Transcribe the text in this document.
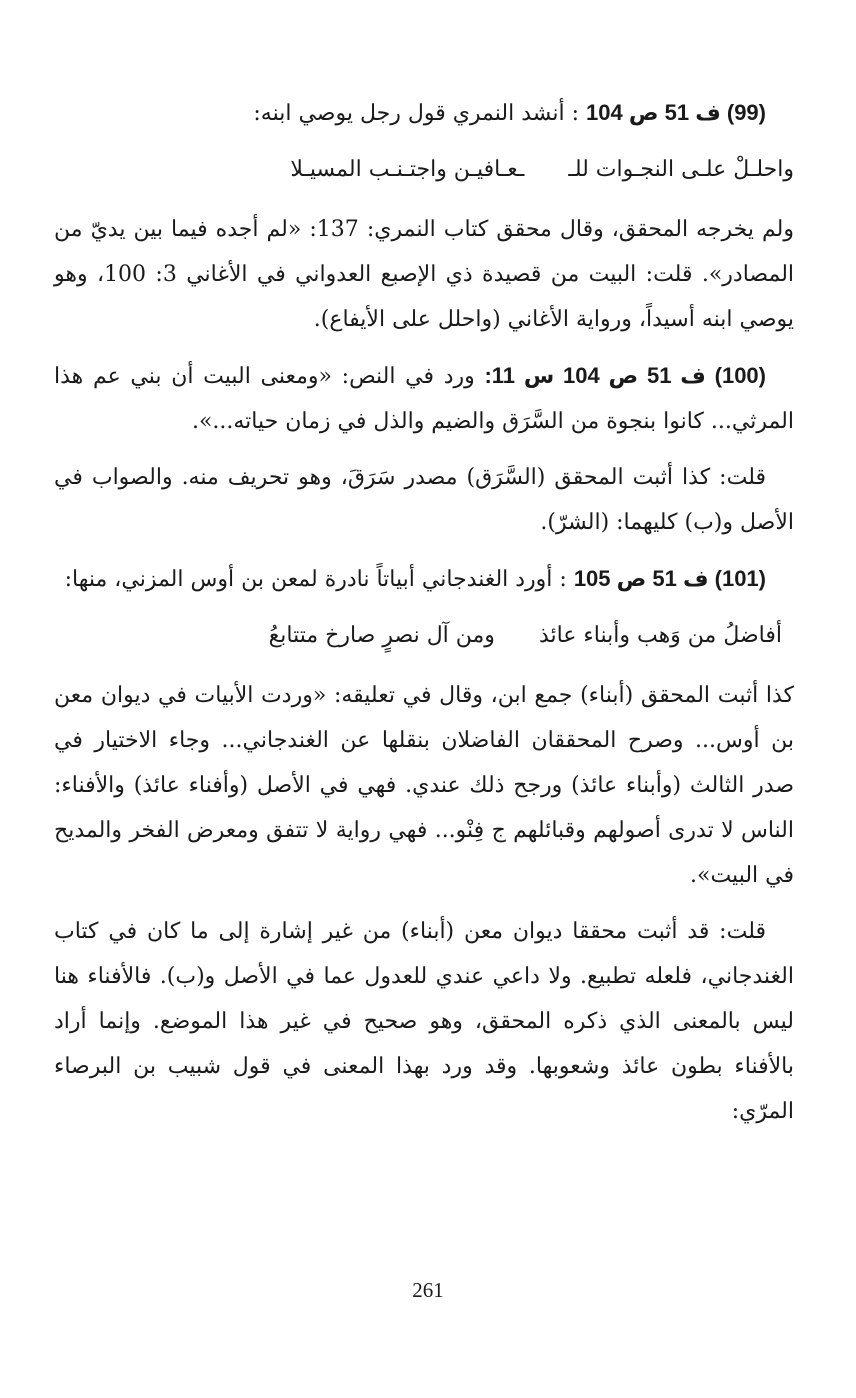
(99) ف 51 ص 104 : أنشد النمري قول رجل يوصي ابنه:

واحلـلْ علـى النجـوات للـ
ـعـافيـن واجتـنـب المسيـلا

ولم يخرجه المحقق، وقال محقق كتاب النمري: 137: «لم أجده فيما بين يديّ من المصادر». قلت: البيت من قصيدة ذي الإصبع العدواني في الأغاني 3: 100، وهو يوصي ابنه أسيداً، ورواية الأغاني (واحلل على الأيفاع).

(100) ف 51 ص 104 س 11: ورد في النص: «ومعنى البيت أن بني عم هذا المرثي... كانوا بنجوة من السَّرَق والضيم والذل في زمان حياته...».

قلت: كذا أثبت المحقق (السَّرَق) مصدر سَرَقَ، وهو تحريف منه. والصواب في الأصل و(ب) كليهما: (الشرّ).

(101) ف 51 ص 105 : أورد الغندجاني أبياتاً نادرة لمعن بن أوس المزني، منها:

أفاضلُ من وَهب وأبناء عائذ
ومن آل نصرٍ صارخ متتابعُ

كذا أثبت المحقق (أبناء) جمع ابن، وقال في تعليقه: «وردت الأبيات في ديوان معن بن أوس... وصرح المحققان الفاضلان بنقلها عن الغندجاني... وجاء الاختيار في صدر الثالث (وأبناء عائذ) ورجح ذلك عندي. فهي في الأصل (وأفناء عائذ) والأفناء: الناس لا تدرى أصولهم وقبائلهم ج فِنْو... فهي رواية لا تتفق ومعرض الفخر والمديح في البيت».

قلت: قد أثبت محققا ديوان معن (أبناء) من غير إشارة إلى ما كان في كتاب الغندجاني، فلعله تطبيع. ولا داعي عندي للعدول عما في الأصل و(ب). فالأفناء هنا ليس بالمعنى الذي ذكره المحقق، وهو صحيح في غير هذا الموضع. وإنما أراد بالأفناء بطون عائذ وشعوبها. وقد ورد بهذا المعنى في قول شبيب بن البرصاء المرّي:

261
